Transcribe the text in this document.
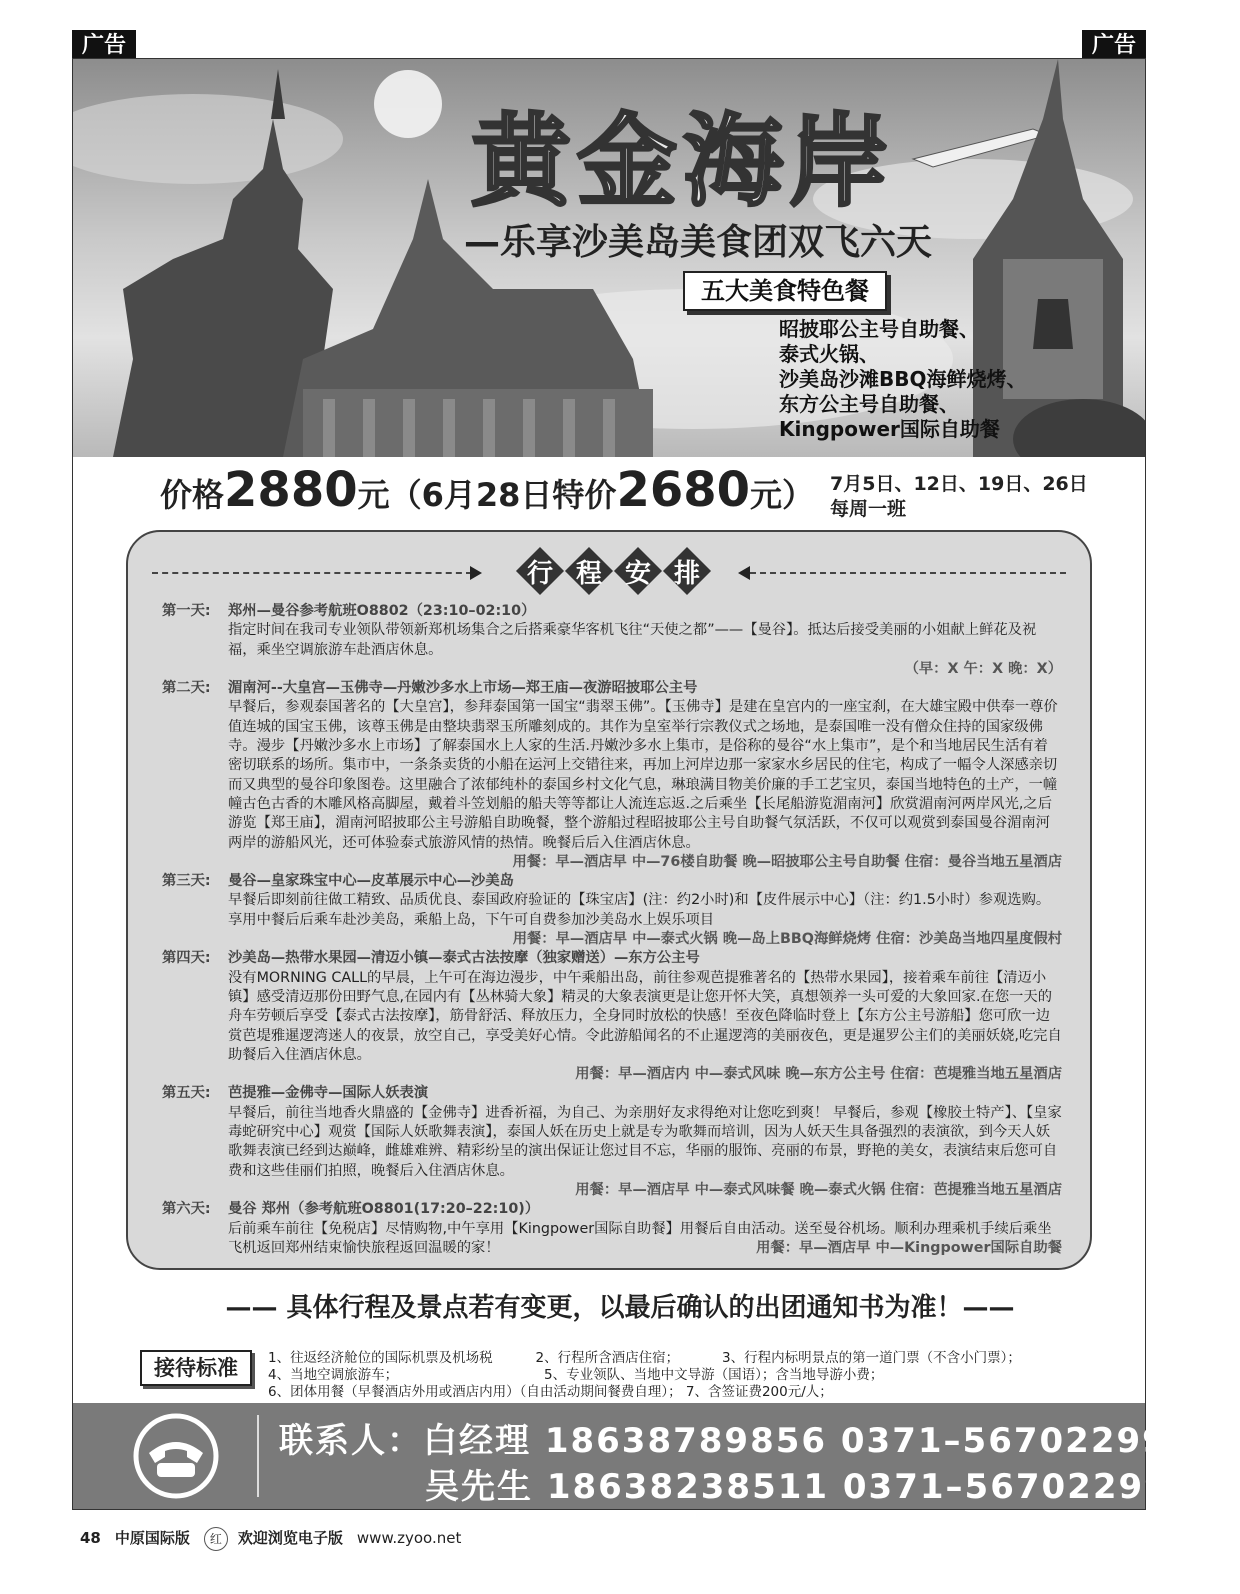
广告	广告
黄金海岸
—乐享沙美岛美食团双飞六天
五大美食特色餐
昭披耶公主号自助餐、
泰式火锅、
沙美岛沙滩BBQ海鲜烧烤、
东方公主号自助餐、
Kingpower国际自助餐
价格2880元（6月28日特价2680元） 7月5日、12日、19日、26日
每周一班
行 程 安 排
第一天: 郑州—曼谷参考航班O8802（23:10–02:10）
指定时间在我司专业领队带领新郑机场集合之后搭乘豪华客机飞往“天使之都”——【曼谷】。抵达后接受美丽的小姐献上鲜花及祝福，乘坐空调旅游车赴酒店休息。
（早：X 午：X 晚：X）
第二天: 湄南河--大皇宫—玉佛寺—丹嫩沙多水上市场—郑王庙—夜游昭披耶公主号
早餐后，参观泰国著名的【大皇宫】，参拜泰国第一国宝“翡翠玉佛”。【玉佛寺】是建在皇宫内的一座宝刹，在大雄宝殿中供奉一尊价值连城的国宝玉佛，该尊玉佛是由整块翡翠玉所雕刻成的。其作为皇室举行宗教仪式之场地，是泰国唯一没有僧众住持的国家级佛寺。漫步【丹嫩沙多水上市场】了解泰国水上人家的生活.丹嫩沙多水上集市，是俗称的曼谷“水上集市”，是个和当地居民生活有着密切联系的场所。集市中，一条条卖货的小船在运河上交错往来，再加上河岸边那一家家水乡居民的住宅，构成了一幅令人深感亲切而又典型的曼谷印象图卷。这里融合了浓郁纯朴的泰国乡村文化气息，琳琅满目物美价廉的手工艺宝贝，泰国当地特色的土产，一幢幢古色古香的木雕风格高脚屋，戴着斗笠划船的船夫等等都让人流连忘返.之后乘坐【长尾船游览湄南河】欣赏湄南河两岸风光,之后游览【郑王庙】，湄南河昭披耶公主号游船自助晚餐，整个游船过程昭披耶公主号自助餐气氛活跃，不仅可以观赏到泰国曼谷湄南河两岸的游船风光，还可体验泰式旅游风情的热情。晚餐后后入住酒店休息。
用餐：早—酒店早 中—76楼自助餐 晚—昭披耶公主号自助餐 住宿：曼谷当地五星酒店
第三天: 曼谷—皇家珠宝中心—皮革展示中心—沙美岛
早餐后即刻前往做工精致、品质优良、泰国政府验证的【珠宝店】(注：约2小时)和【皮件展示中心】（注：约1.5小时）参观选购。享用中餐后后乘车赴沙美岛，乘船上岛，下午可自费参加沙美岛水上娱乐项目
用餐：早—酒店早 中—泰式火锅 晚—岛上BBQ海鲜烧烤 住宿：沙美岛当地四星度假村
第四天: 沙美岛—热带水果园—清迈小镇—泰式古法按摩（独家赠送）—东方公主号
没有MORNING CALL的早晨，上午可在海边漫步，中午乘船出岛，前往参观芭提雅著名的【热带水果园】，接着乘车前往【清迈小镇】感受清迈那份田野气息,在园内有【丛林骑大象】精灵的大象表演更是让您开怀大笑，真想领养一头可爱的大象回家.在您一天的舟车劳顿后享受【泰式古法按摩】，筋骨舒活、释放压力，全身同时放松的快感！至夜色降临时登上【东方公主号游船】您可欣一边赏芭堤雅暹逻湾迷人的夜景，放空自己，享受美好心情。令此游船闻名的不止暹逻湾的美丽夜色，更是暹罗公主们的美丽妖娆,吃完自助餐后入住酒店休息。
用餐：早—酒店内 中—泰式风味 晚—东方公主号 住宿：芭堤雅当地五星酒店
第五天: 芭提雅—金佛寺—国际人妖表演
早餐后，前往当地香火鼎盛的【金佛寺】进香祈福，为自己、为亲朋好友求得绝对让您吃到爽！ 早餐后，参观【橡胶土特产】、【皇家毒蛇研究中心】观赏【国际人妖歌舞表演】，泰国人妖在历史上就是专为歌舞而培训，因为人妖天生具备强烈的表演欲，到今天人妖歌舞表演已经到达巅峰，雌雄难辨、精彩纷呈的演出保证让您过目不忘，华丽的服饰、亮丽的布景，野艳的美女，表演结束后您可自费和这些佳丽们拍照，晚餐后入住酒店休息。
用餐：早—酒店早 中—泰式风味餐 晚—泰式火锅 住宿：芭提雅当地五星酒店
第六天: 曼谷 郑州（参考航班O8801(17:20–22:10)）
后前乘车前往【免税店】尽情购物,中午享用【Kingpower国际自助餐】用餐后自由活动。送至曼谷机场。顺利办理乘机手续后乘坐飞机返回郑州结束愉快旅程返回温暖的家！	用餐：早—酒店早 中—Kingpower国际自助餐
—— 具体行程及景点若有变更，以最后确认的出团通知书为准！——
接待标准	1、往返经济舱位的国际机票及机场税          2、行程所含酒店住宿；          3、行程内标明景点的第一道门票（不含小门票）；
4、当地空调旅游车；                                  5、专业领队、当地中文导游（国语）；含当地导游小费；
6、团体用餐（早餐酒店外用或酒店内用）（自由活动期间餐费自理）； 7、含签证费200元/人；
联系人：白经理 18638789856 0371–56702299
吴先生 18638238511 0371–56702299
48 中原国际版 红 欢迎浏览电子版 www.zyoo.net
